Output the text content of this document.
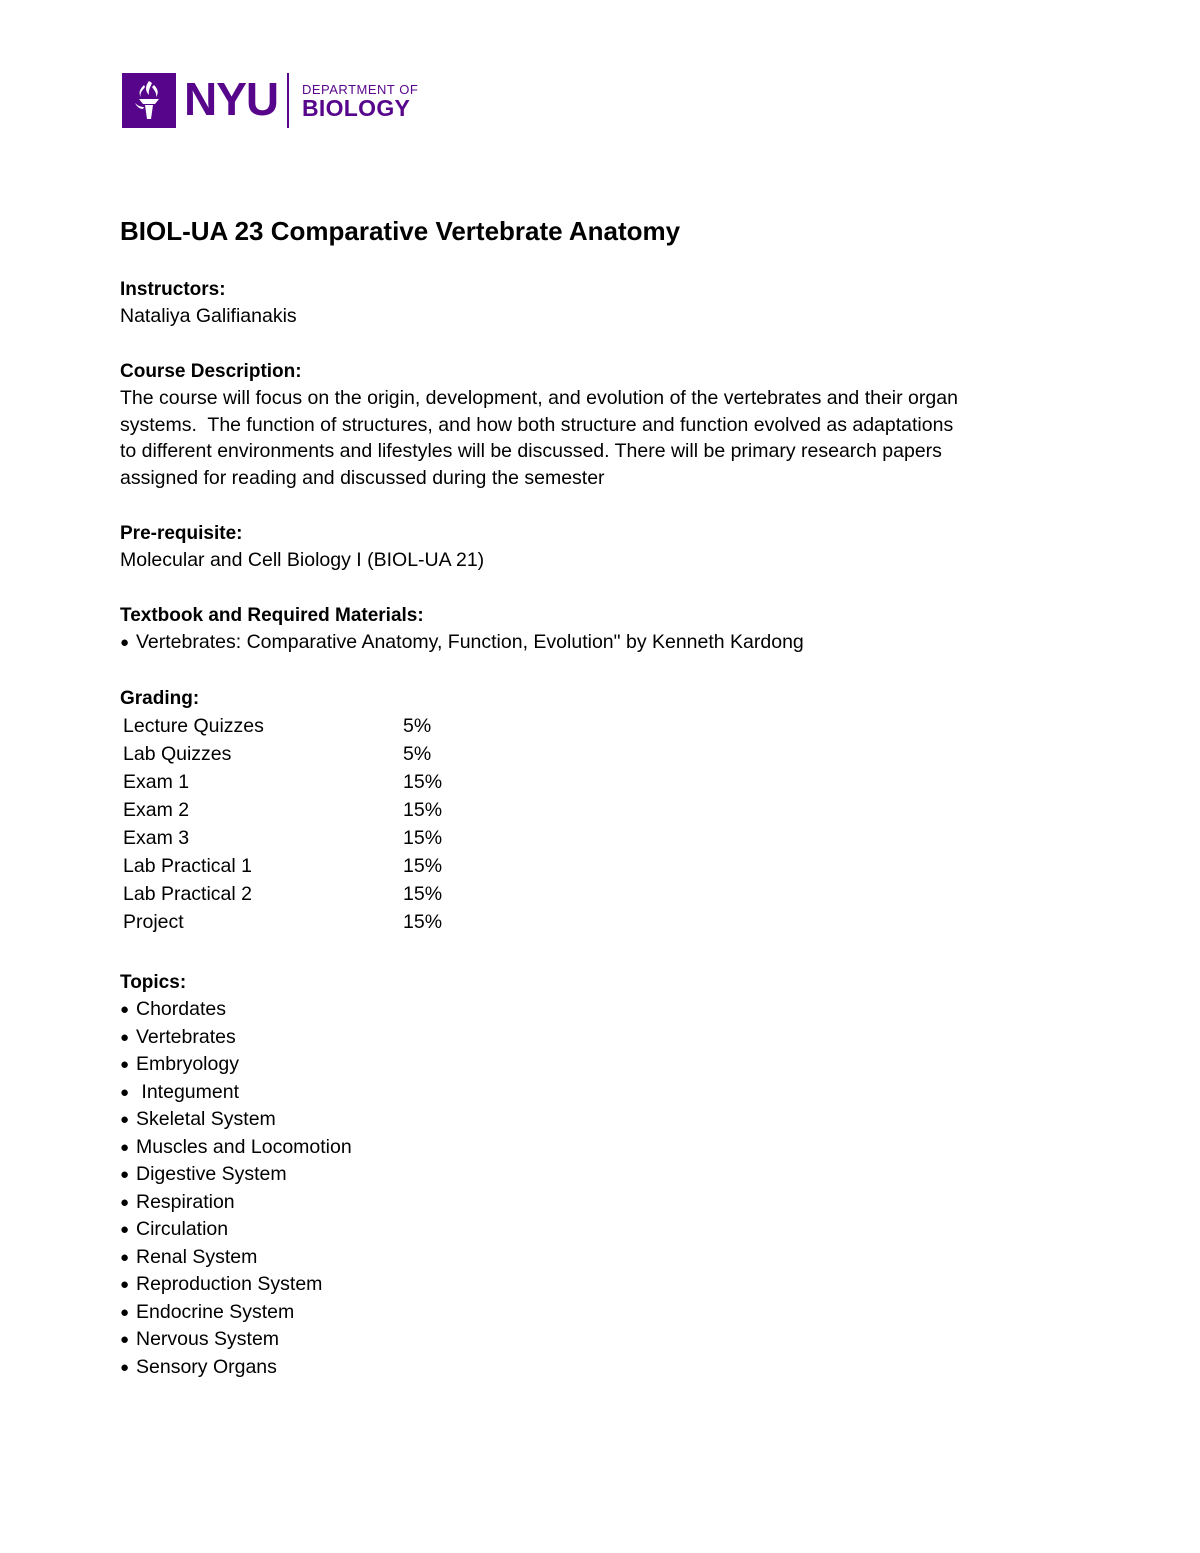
NYU DEPARTMENT OF
BIOLOGY
BIOL-UA 23 Comparative Vertebrate Anatomy

Instructors:

Nataliya Galifianakis

Course Description:

The course will focus on the origin, development, and evolution of the vertebrates and their organ

systems.  The function of structures, and how both structure and function evolved as adaptations

to different environments and lifestyles will be discussed. There will be primary research papers

assigned for reading and discussed during the semester

Pre-requisite:

Molecular and Cell Biology I (BIOL-UA 21)

Textbook and Required Materials:

● Vertebrates: Comparative Anatomy, Function, Evolution" by Kenneth Kardong

Grading:

Lecture Quizzes	5%
Lab Quizzes	5%
Exam 1	15%
Exam 2	15%
Exam 3	15%
Lab Practical 1	15%
Lab Practical 2	15%
Project	15%

Topics:

● Chordates

● Vertebrates

● Embryology

● Integument

● Skeletal System

● Muscles and Locomotion

● Digestive System

● Respiration

● Circulation

● Renal System

● Reproduction System

● Endocrine System

● Nervous System

● Sensory Organs
